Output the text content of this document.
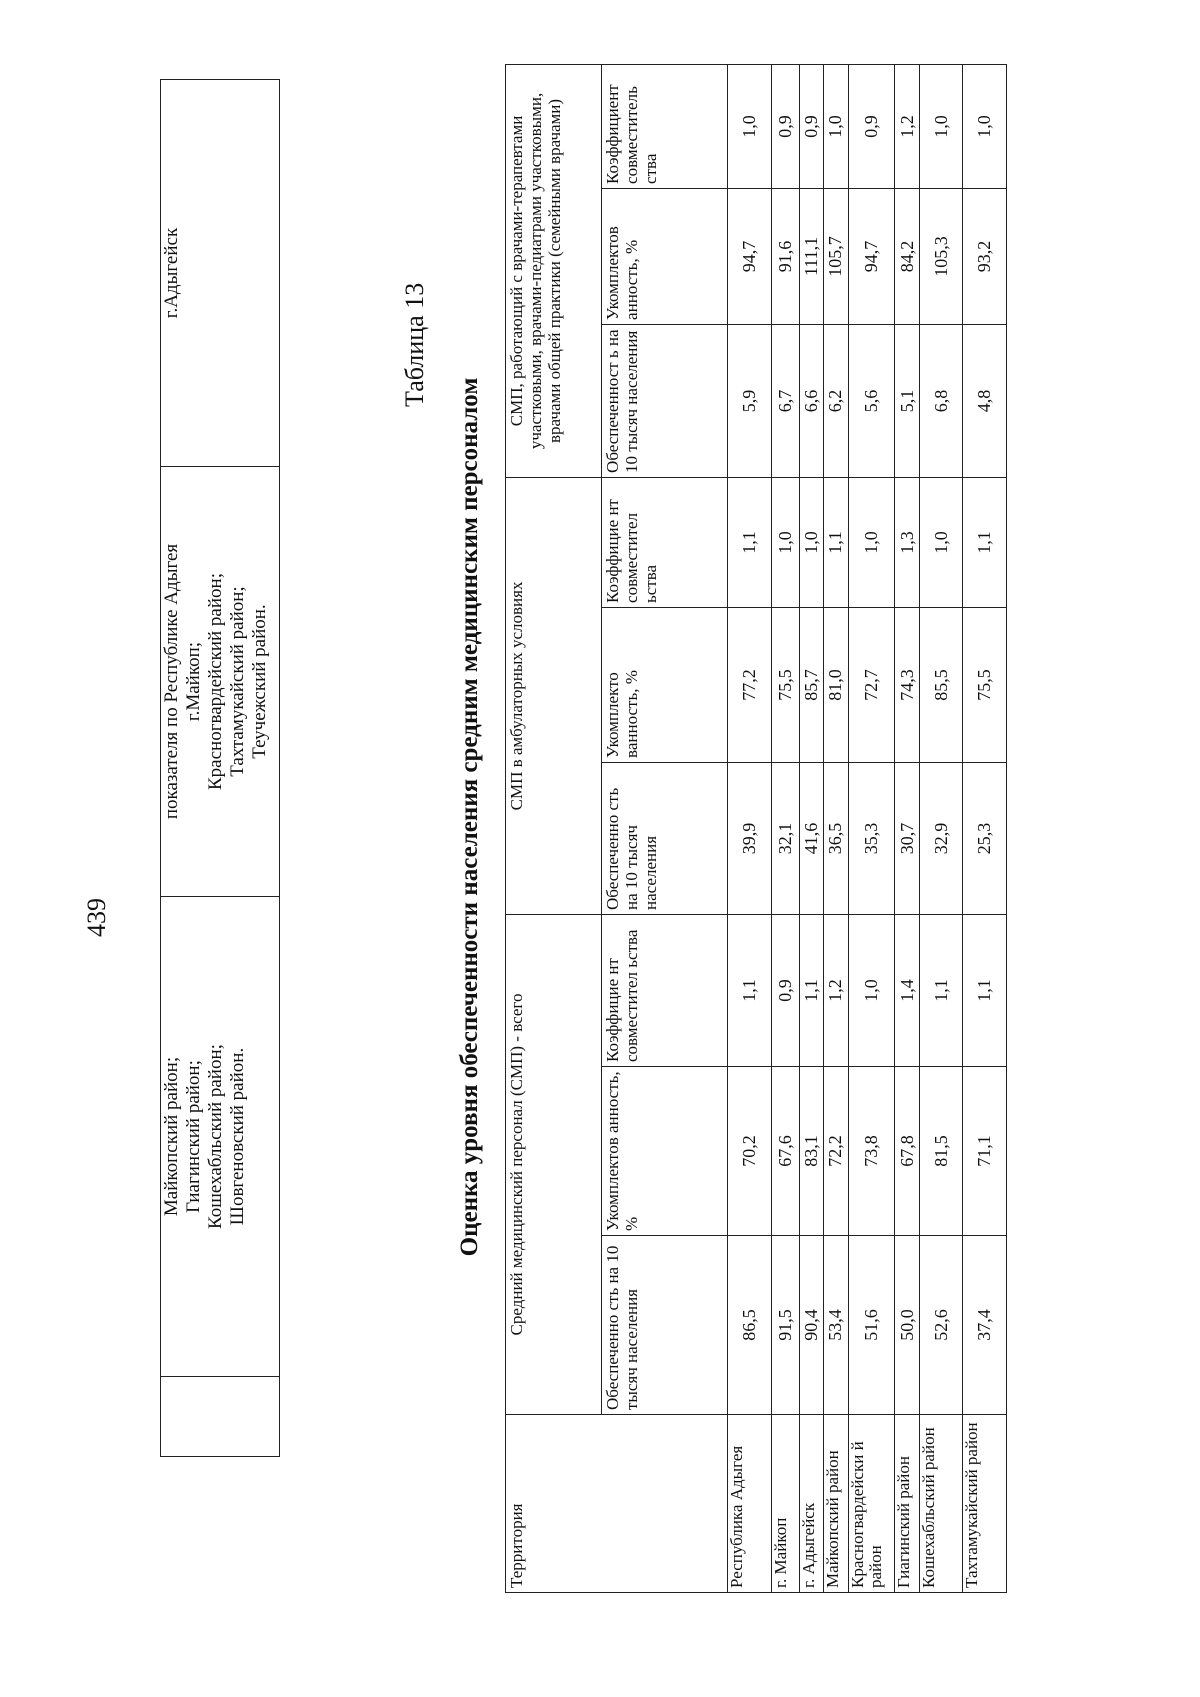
439
	Майкопский район;
Гиагинский район;
Кошехабльский район;
Шовгеновский район.	показателя по Республике Адыгея
г.Майкоп;
Красногвардейский район;
Тахтамукайский район;
Теучежский район.	г.Адыгейск
Таблица 13
Оценка уровня обеспеченности населения средним медицинским персоналом
Территория	Средний медицинский персонал (СМП) - всего			СМП в амбулаторных условиях			СМП, работающий с врачами-терапевтами участковыми, врачами-педиатрами участковыми, врачами общей практики (семейными врачами)		
	Обеспеченно сть на 10 тысяч населения	Укомплектов анность, %	Коэффицие нт совместител ьства	Обеспеченно сть на 10 тысяч населения	Укомплекто ванность, %	Коэффицие нт совместител ьства	Обеспеченност ь на 10 тысяч населения	Укомплектов анность, %	Коэффициент совместитель ства
Республика Адыгея	86,5	70,2	1,1	39,9	77,2	1,1	5,9	94,7	1,0
г. Майкоп	91,5	67,6	0,9	32,1	75,5	1,0	6,7	91,6	0,9
г. Адыгейск	90,4	83,1	1,1	41,6	85,7	1,0	6,6	111,1	0,9
Майкопский район	53,4	72,2	1,2	36,5	81,0	1,1	6,2	105,7	1,0
Красногвардейски й район	51,6	73,8	1,0	35,3	72,7	1,0	5,6	94,7	0,9
Гиагинский район	50,0	67,8	1,4	30,7	74,3	1,3	5,1	84,2	1,2
Кошехабльский район	52,6	81,5	1,1	32,9	85,5	1,0	6,8	105,3	1,0
Тахтамукайский район	37,4	71,1	1,1	25,3	75,5	1,1	4,8	93,2	1,0
